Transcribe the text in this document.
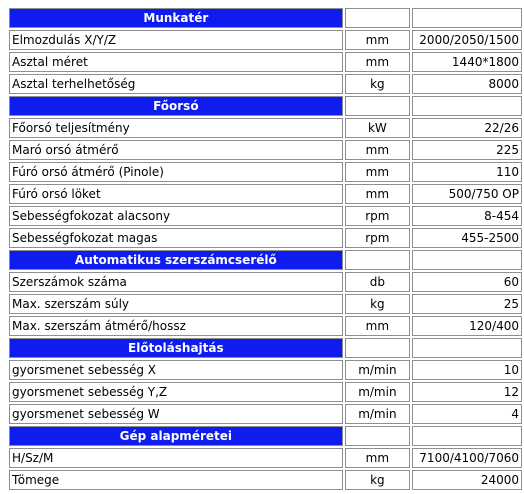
Munkatér		
Elmozdulás X/Y/Z	mm	2000/2050/1500
Asztal méret	mm	1440*1800
Asztal terhelhetőség	kg	8000
Főorsó		
Főorsó teljesítmény	kW	22/26
Maró orsó átmérő	mm	225
Fúró orsó átmérő (Pinole)	mm	110
Fúró orsó löket	mm	500/750 OP
Sebességfokozat alacsony	rpm	8-454
Sebességfokozat magas	rpm	455-2500
Automatikus szerszámcserélő		
Szerszámok száma	db	60
Max. szerszám súly	kg	25
Max. szerszám átmérő/hossz	mm	120/400
Előtoláshajtás		
gyorsmenet sebesség X	m/min	10
gyorsmenet sebesség Y,Z	m/min	12
gyorsmenet sebesség W	m/min	4
Gép alapméretei		
H/Sz/M	mm	7100/4100/7060
Tömege	kg	24000
